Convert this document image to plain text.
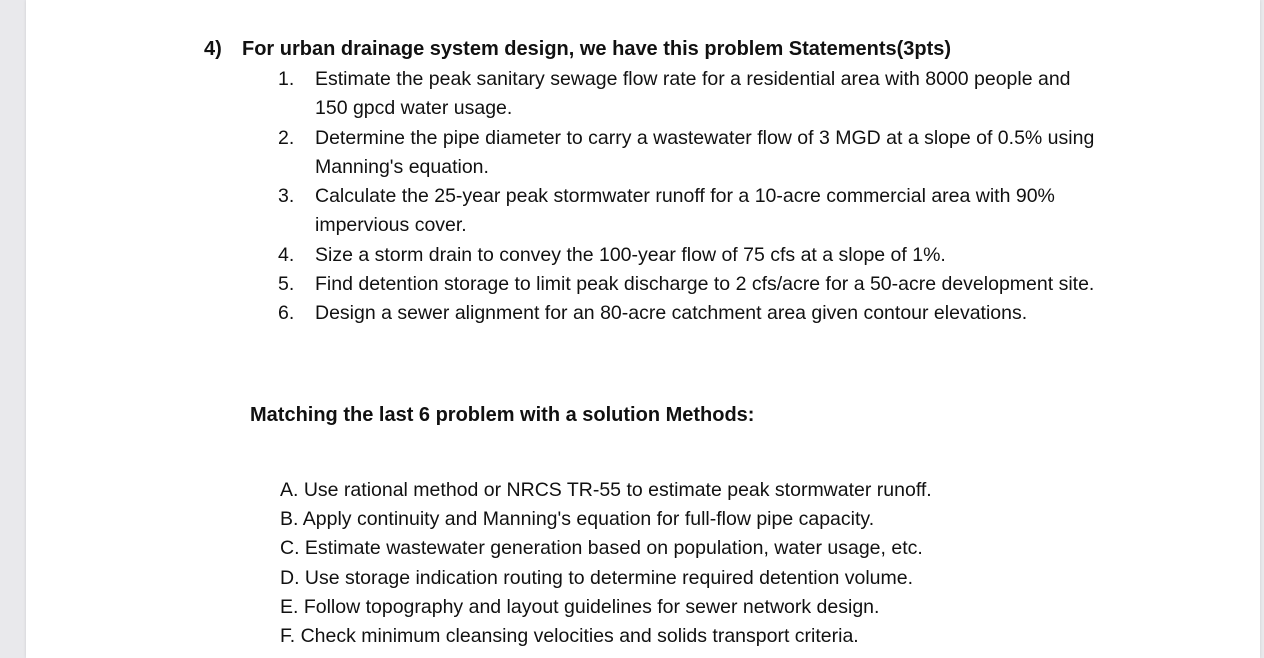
4) For urban drainage system design, we have this problem Statements(3pts)
1.	Estimate the peak sanitary sewage flow rate for a residential area with 8000 people and 150 gpcd water usage.
2.	Determine the pipe diameter to carry a wastewater flow of 3 MGD at a slope of 0.5% using Manning's equation.
3.	Calculate the 25-year peak stormwater runoff for a 10-acre commercial area with 90% impervious cover.
4.	Size a storm drain to convey the 100-year flow of 75 cfs at a slope of 1%.
5.	Find detention storage to limit peak discharge to 2 cfs/acre for a 50-acre development site.
6.	Design a sewer alignment for an 80-acre catchment area given contour elevations.
Matching the last 6 problem with a solution Methods:
A. Use rational method or NRCS TR-55 to estimate peak stormwater runoff.
B. Apply continuity and Manning's equation for full-flow pipe capacity.
C. Estimate wastewater generation based on population, water usage, etc.
D. Use storage indication routing to determine required detention volume.
E. Follow topography and layout guidelines for sewer network design.
F. Check minimum cleansing velocities and solids transport criteria.
